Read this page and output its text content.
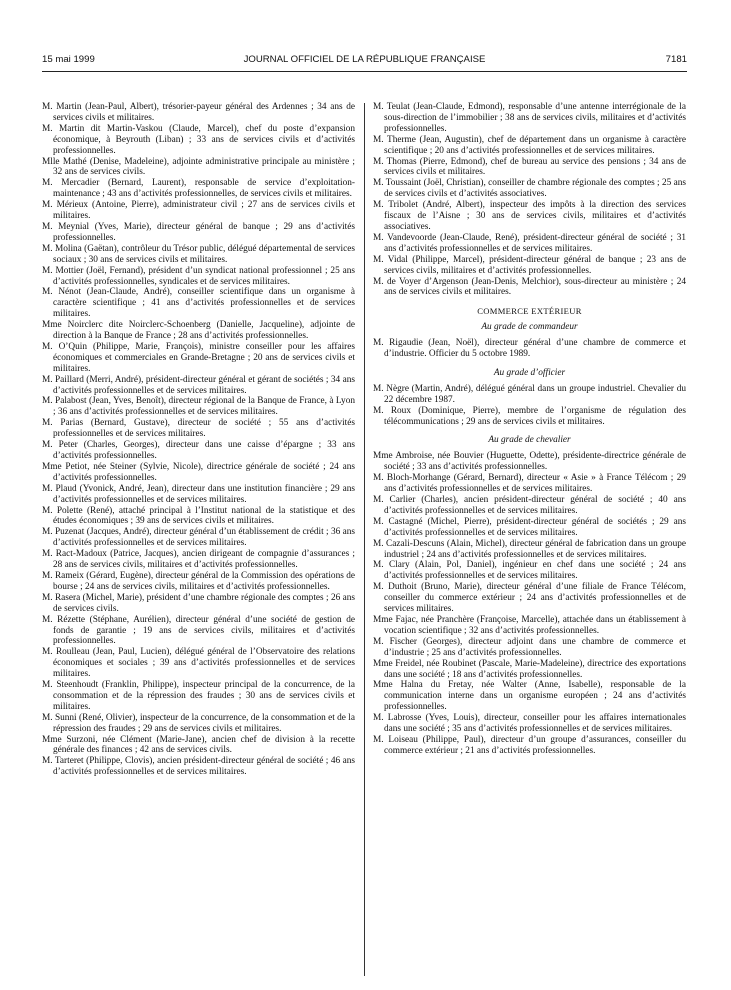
15 mai 1999	JOURNAL OFFICIEL DE LA RÉPUBLIQUE FRANÇAISE	7181

M. Martin (Jean-Paul, Albert), trésorier-payeur général des Ardennes ; 34 ans de services civils et militaires.

M. Martin dit Martin-Vaskou (Claude, Marcel), chef du poste d’expansion économique, à Beyrouth (Liban) ; 33 ans de services civils et d’activités professionnelles.

Mlle Mathé (Denise, Madeleine), adjointe administrative principale au ministère ; 32 ans de services civils.

M. Mercadier (Bernard, Laurent), responsable de service d’exploitation-maintenance ; 43 ans d’activités professionnelles, de services civils et militaires.

M. Mérieux (Antoine, Pierre), administrateur civil ; 27 ans de services civils et militaires.

M. Meynial (Yves, Marie), directeur général de banque ; 29 ans d’activités professionnelles.

M. Molina (Gaëtan), contrôleur du Trésor public, délégué départemental de services sociaux ; 30 ans de services civils et militaires.

M. Mottier (Joël, Fernand), président d’un syndicat national professionnel ; 25 ans d’activités professionnelles, syndicales et de services militaires.

M. Nénot (Jean-Claude, André), conseiller scientifique dans un organisme à caractère scientifique ; 41 ans d’activités professionnelles et de services militaires.

Mme Noirclerc dite Noirclerc-Schoenberg (Danielle, Jacqueline), adjointe de direction à la Banque de France ; 28 ans d’activités professionnelles.

M. O’Quin (Philippe, Marie, François), ministre conseiller pour les affaires économiques et commerciales en Grande-Bretagne ; 20 ans de services civils et militaires.

M. Paillard (Merri, André), président-directeur général et gérant de sociétés ; 34 ans d’activités professionnelles et de services militaires.

M. Palabost (Jean, Yves, Benoît), directeur régional de la Banque de France, à Lyon ; 36 ans d’activités professionnelles et de services militaires.

M. Parias (Bernard, Gustave), directeur de société ; 55 ans d’activités professionnelles et de services militaires.

M. Peter (Charles, Georges), directeur dans une caisse d’épargne ; 33 ans d’activités professionnelles.

Mme Petiot, née Steiner (Sylvie, Nicole), directrice générale de société ; 24 ans d’activités professionnelles.

M. Plaud (Yvonick, André, Jean), directeur dans une institution financière ; 29 ans d’activités professionnelles et de services militaires.

M. Polette (René), attaché principal à l’Institut national de la statistique et des études économiques ; 39 ans de services civils et militaires.

M. Puzenat (Jacques, André), directeur général d’un établissement de crédit ; 36 ans d’activités professionnelles et de services militaires.

M. Ract-Madoux (Patrice, Jacques), ancien dirigeant de compagnie d’assurances ; 28 ans de services civils, militaires et d’activités professionnelles.

M. Rameix (Gérard, Eugène), directeur général de la Commission des opérations de bourse ; 24 ans de services civils, militaires et d’activités professionnelles.

M. Rasera (Michel, Marie), président d’une chambre régionale des comptes ; 26 ans de services civils.

M. Rézette (Stéphane, Aurélien), directeur général d’une société de gestion de fonds de garantie ; 19 ans de services civils, militaires et d’activités professionnelles.

M. Roulleau (Jean, Paul, Lucien), délégué général de l’Observatoire des relations économiques et sociales ; 39 ans d’activités professionnelles et de services militaires.

M. Steenhoudt (Franklin, Philippe), inspecteur principal de la concurrence, de la consommation et de la répression des fraudes ; 30 ans de services civils et militaires.

M. Sunni (René, Olivier), inspecteur de la concurrence, de la consommation et de la répression des fraudes ; 29 ans de services civils et militaires.

Mme Surzoni, née Clément (Marie-Jane), ancien chef de division à la recette générale des finances ; 42 ans de services civils.

M. Tarteret (Philippe, Clovis), ancien président-directeur général de société ; 46 ans d’activités professionnelles et de services militaires.

M. Teulat (Jean-Claude, Edmond), responsable d’une antenne interrégionale de la sous-direction de l’immobilier ; 38 ans de services civils, militaires et d’activités professionnelles.

M. Therme (Jean, Augustin), chef de département dans un organisme à caractère scientifique ; 20 ans d’activités professionnelles et de services militaires.

M. Thomas (Pierre, Edmond), chef de bureau au service des pensions ; 34 ans de services civils et militaires.

M. Toussaint (Joël, Christian), conseiller de chambre régionale des comptes ; 25 ans de services civils et d’activités associatives.

M. Tribolet (André, Albert), inspecteur des impôts à la direction des services fiscaux de l’Aisne ; 30 ans de services civils, militaires et d’activités associatives.

M. Vandevoorde (Jean-Claude, René), président-directeur général de société ; 31 ans d’activités professionnelles et de services militaires.

M. Vidal (Philippe, Marcel), président-directeur général de banque ; 23 ans de services civils, militaires et d’activités professionnelles.

M. de Voyer d’Argenson (Jean-Denis, Melchior), sous-directeur au ministère ; 24 ans de services civils et militaires.

COMMERCE EXTÉRIEUR

Au grade de commandeur

M. Rigaudie (Jean, Noël), directeur général d’une chambre de commerce et d’industrie. Officier du 5 octobre 1989.

Au grade d’officier

M. Nègre (Martin, André), délégué général dans un groupe industriel. Chevalier du 22 décembre 1987.

M. Roux (Dominique, Pierre), membre de l’organisme de régulation des télécommunications ; 29 ans de services civils et militaires.

Au grade de chevalier

Mme Ambroise, née Bouvier (Huguette, Odette), présidente-directrice générale de société ; 33 ans d’activités professionnelles.

M. Bloch-Morhange (Gérard, Bernard), directeur « Asie » à France Télécom ; 29 ans d’activités professionnelles et de services militaires.

M. Carlier (Charles), ancien président-directeur général de société ; 40 ans d’activités professionnelles et de services militaires.

M. Castagné (Michel, Pierre), président-directeur général de sociétés ; 29 ans d’activités professionnelles et de services militaires.

M. Cazali-Descuns (Alain, Michel), directeur général de fabrication dans un groupe industriel ; 24 ans d’activités professionnelles et de services militaires.

M. Clary (Alain, Pol, Daniel), ingénieur en chef dans une société ; 24 ans d’activités professionnelles et de services militaires.

M. Duthoit (Bruno, Marie), directeur général d’une filiale de France Télécom, conseiller du commerce extérieur ; 24 ans d’activités professionnelles et de services militaires.

Mme Fajac, née Pranchère (Françoise, Marcelle), attachée dans un établissement à vocation scientifique ; 32 ans d’activités professionnelles.

M. Fischer (Georges), directeur adjoint dans une chambre de commerce et d’industrie ; 25 ans d’activités professionnelles.

Mme Freidel, née Roubinet (Pascale, Marie-Madeleine), directrice des exportations dans une société ; 18 ans d’activités professionnelles.

Mme Halna du Fretay, née Walter (Anne, Isabelle), responsable de la communication interne dans un organisme européen ; 24 ans d’activités professionnelles.

M. Labrosse (Yves, Louis), directeur, conseiller pour les affaires internationales dans une société ; 35 ans d’activités professionnelles et de services militaires.

M. Loiseau (Philippe, Paul), directeur d’un groupe d’assurances, conseiller du commerce extérieur ; 21 ans d’activités professionnelles.
